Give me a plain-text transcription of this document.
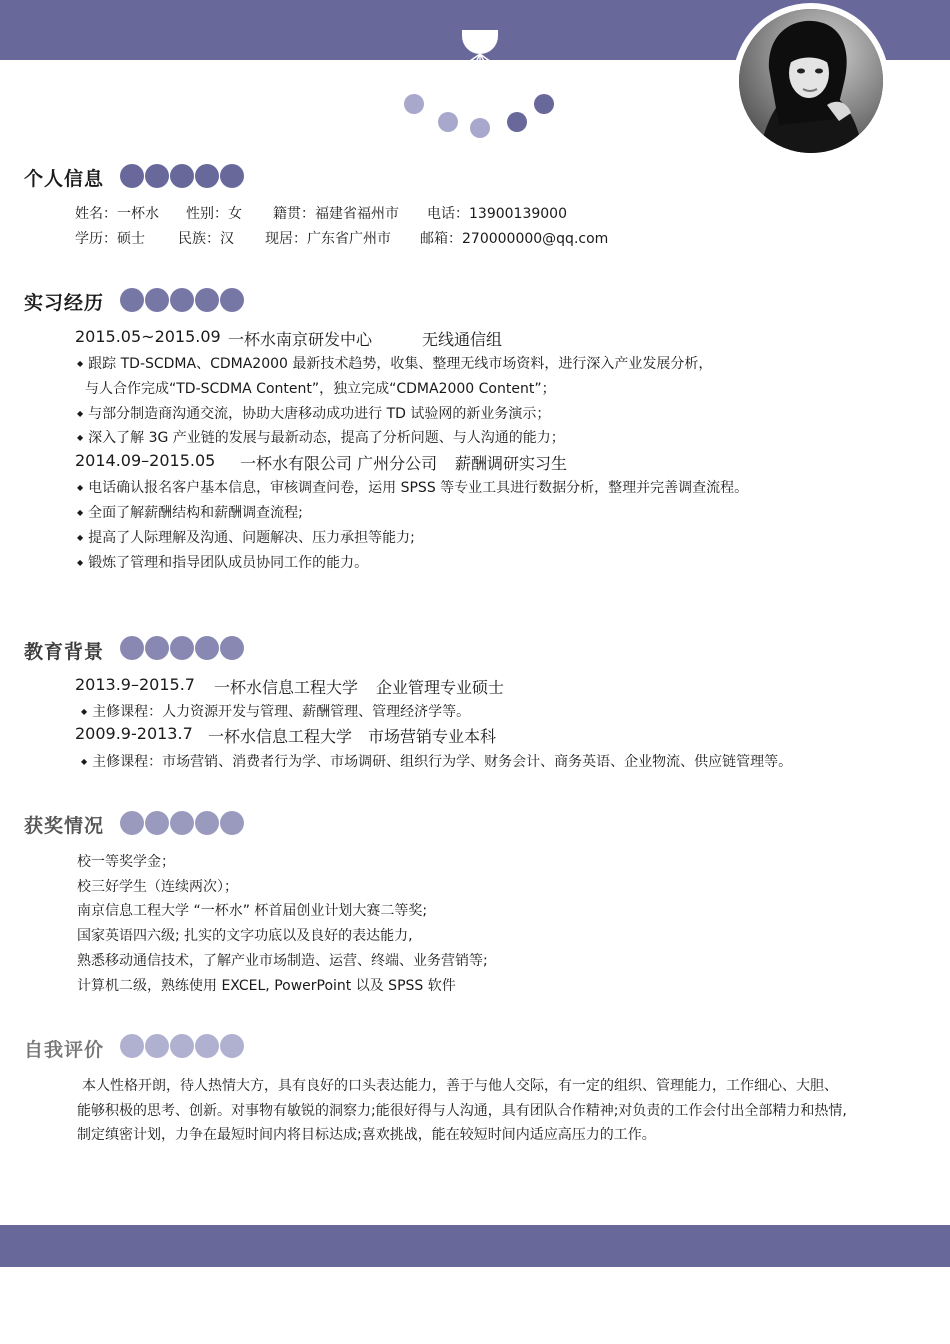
个人信息
姓名：一杯水 性别：女 籍贯：福建省福州市 电话：13900139000
学历：硕士 民族：汉 现居：广东省广州市 邮箱：270000000@qq.com
实习经历
2015.05~2015.09 一杯水南京研发中心	无线通信组
◆ 跟踪 TD-SCDMA、CDMA2000 最新技术趋势，收集、整理无线市场资料，进行深入产业发展分析，
与人合作完成“TD-SCDMA Content”，独立完成“CDMA2000 Content”；
◆ 与部分制造商沟通交流，协助大唐移动成功进行 TD 试验网的新业务演示；
◆ 深入了解 3G 产业链的发展与最新动态，提高了分析问题、与人沟通的能力；
2014.09–2015.05 一杯水有限公司 广州分公司 薪酬调研实习生
◆ 电话确认报名客户基本信息，审核调查问卷，运用 SPSS 等专业工具进行数据分析，整理并完善调查流程。
◆ 全面了解薪酬结构和薪酬调查流程;
◆ 提高了人际理解及沟通、问题解决、压力承担等能力;
◆ 锻炼了管理和指导团队成员协同工作的能力。
教育背景
2013.9–2015.7 一杯水信息工程大学 企业管理专业硕士
◆ 主修课程：人力资源开发与管理、薪酬管理、管理经济学等。
2009.9-2013.7 一杯水信息工程大学 市场营销专业本科
◆ 主修课程：市场营销、消费者行为学、市场调研、组织行为学、财务会计、商务英语、企业物流、供应链管理等。
获奖情况
校一等奖学金；
校三好学生（连续两次）；
南京信息工程大学 “一杯水” 杯首届创业计划大赛二等奖;
国家英语四六级; 扎实的文字功底以及良好的表达能力,
熟悉移动通信技术，了解产业市场制造、运营、终端、业务营销等;
计算机二级，熟练使用 EXCEL, PowerPoint 以及 SPSS 软件
自我评价
本人性格开朗，待人热情大方，具有良好的口头表达能力，善于与他人交际，有一定的组织、管理能力，工作细心、大胆、
能够积极的思考、创新。对事物有敏锐的洞察力;能很好得与人沟通，具有团队合作精神;对负责的工作会付出全部精力和热情,
制定缜密计划，力争在最短时间内将目标达成;喜欢挑战，能在较短时间内适应高压力的工作。
